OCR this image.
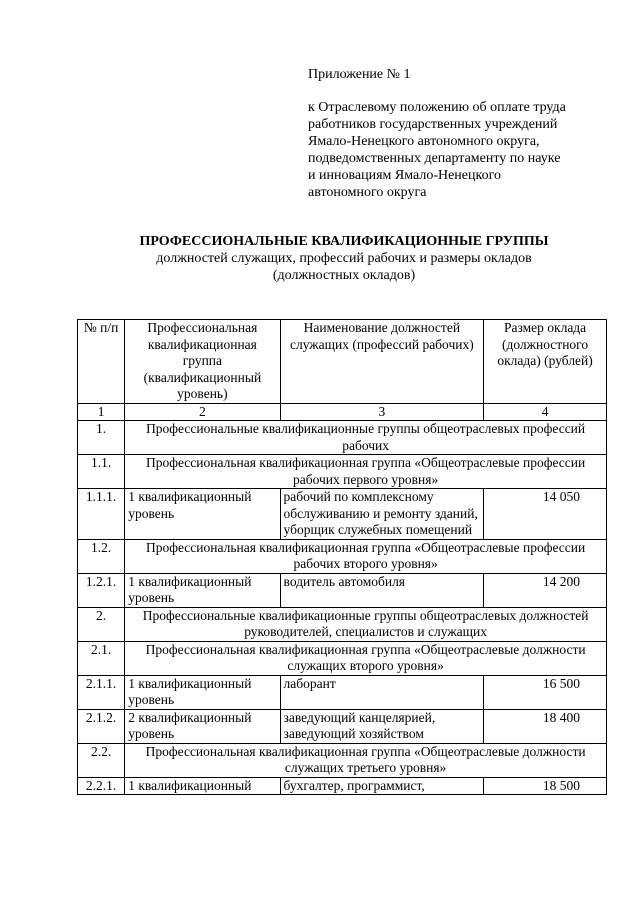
Приложение № 1
к Отраслевому положению об оплате труда
работников государственных учреждений
Ямало-Ненецкого автономного округа,
подведомственных департаменту по науке
и инновациям Ямало-Ненецкого
автономного округа
ПРОФЕССИОНАЛЬНЫЕ КВАЛИФИКАЦИОННЫЕ ГРУППЫ
должностей служащих, профессий рабочих и размеры окладов
(должностных окладов)
№ п/п	Профессиональная квалификационная группа (квалификационный уровень)	Наименование должностей служащих (профессий рабочих)	Размер оклада (должностного оклада) (рублей)
1	2	3	4
1.	Профессиональные квалификационные группы общеотраслевых профессий рабочих		
1.1.	Профессиональная квалификационная группа «Общеотраслевые профессии рабочих первого уровня»		
1.1.1.	1 квалификационный уровень	рабочий по комплексному обслуживанию и ремонту зданий, уборщик служебных помещений	14 050
1.2.	Профессиональная квалификационная группа «Общеотраслевые профессии рабочих второго уровня»		
1.2.1.	1 квалификационный уровень	водитель автомобиля	14 200
2.	Профессиональные квалификационные группы общеотраслевых должностей руководителей, специалистов и служащих		
2.1.	Профессиональная квалификационная группа «Общеотраслевые должности служащих второго уровня»		
2.1.1.	1 квалификационный уровень	лаборант	16 500
2.1.2.	2 квалификационный уровень	заведующий канцелярией, заведующий хозяйством	18 400
2.2.	Профессиональная квалификационная группа «Общеотраслевые должности служащих третьего уровня»		
2.2.1.	1 квалификационный	бухгалтер, программист,	18 500
